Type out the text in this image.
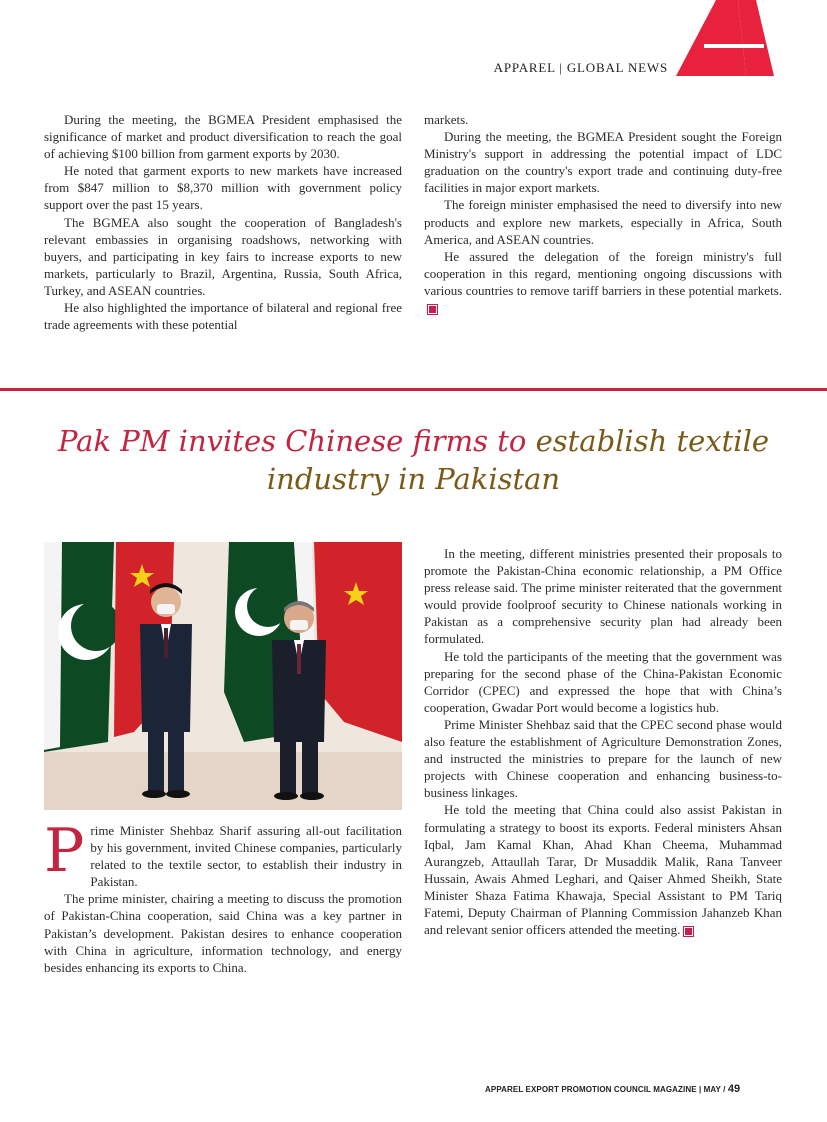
APPAREL | GLOBAL NEWS

During the meeting, the BGMEA President emphasised the significance of market and product diversification to reach the goal of achieving $100 billion from garment exports by 2030.

He noted that garment exports to new markets have increased from $847 million to $8,370 million with government policy support over the past 15 years.

The BGMEA also sought the cooperation of Bangladesh's relevant embassies in organising roadshows, networking with buyers, and participating in key fairs to increase exports to new markets, particularly to Brazil, Argentina, Russia, South Africa, Turkey, and ASEAN countries.

He also highlighted the importance of bilateral and regional free trade agreements with these potential

markets.

During the meeting, the BGMEA President sought the Foreign Ministry's support in addressing the potential impact of LDC graduation on the country's export trade and continuing duty-free facilities in major export markets.

The foreign minister emphasised the need to diversify into new products and explore new markets, especially in Africa, South America, and ASEAN countries.

He assured the delegation of the foreign ministry's full cooperation in this regard, mentioning ongoing discussions with various countries to remove tariff barriers in these potential markets.

Pak PM invites Chinese firms to establish textile industry in Pakistan

Prime Minister Shehbaz Sharif assuring all-out facilitation by his government, invited Chinese companies, particularly related to the textile sector, to establish their industry in Pakistan.

The prime minister, chairing a meeting to discuss the promotion of Pakistan-China cooperation, said China was a key partner in Pakistan’s development. Pakistan desires to enhance cooperation with China in agriculture, information technology, and energy besides enhancing its exports to China.

In the meeting, different ministries presented their proposals to promote the Pakistan-China economic relationship, a PM Office press release said. The prime minister reiterated that the government would provide foolproof security to Chinese nationals working in Pakistan as a comprehensive security plan had already been formulated.

He told the participants of the meeting that the government was preparing for the second phase of the China-Pakistan Economic Corridor (CPEC) and expressed the hope that with China’s cooperation, Gwadar Port would become a logistics hub.

Prime Minister Shehbaz said that the CPEC second phase would also feature the establishment of Agriculture Demonstration Zones, and instructed the ministries to prepare for the launch of new projects with Chinese cooperation and enhancing business-to-business linkages.

He told the meeting that China could also assist Pakistan in formulating a strategy to boost its exports. Federal ministers Ahsan Iqbal, Jam Kamal Khan, Ahad Khan Cheema, Muhammad Aurangzeb, Attaullah Tarar, Dr Musaddik Malik, Rana Tanveer Hussain, Awais Ahmed Leghari, and Qaiser Ahmed Sheikh, State Minister Shaza Fatima Khawaja, Special Assistant to PM Tariq Fatemi, Deputy Chairman of Planning Commission Jahanzeb Khan and relevant senior officers attended the meeting.

APPAREL EXPORT PROMOTION COUNCIL MAGAZINE | MAY / 49
